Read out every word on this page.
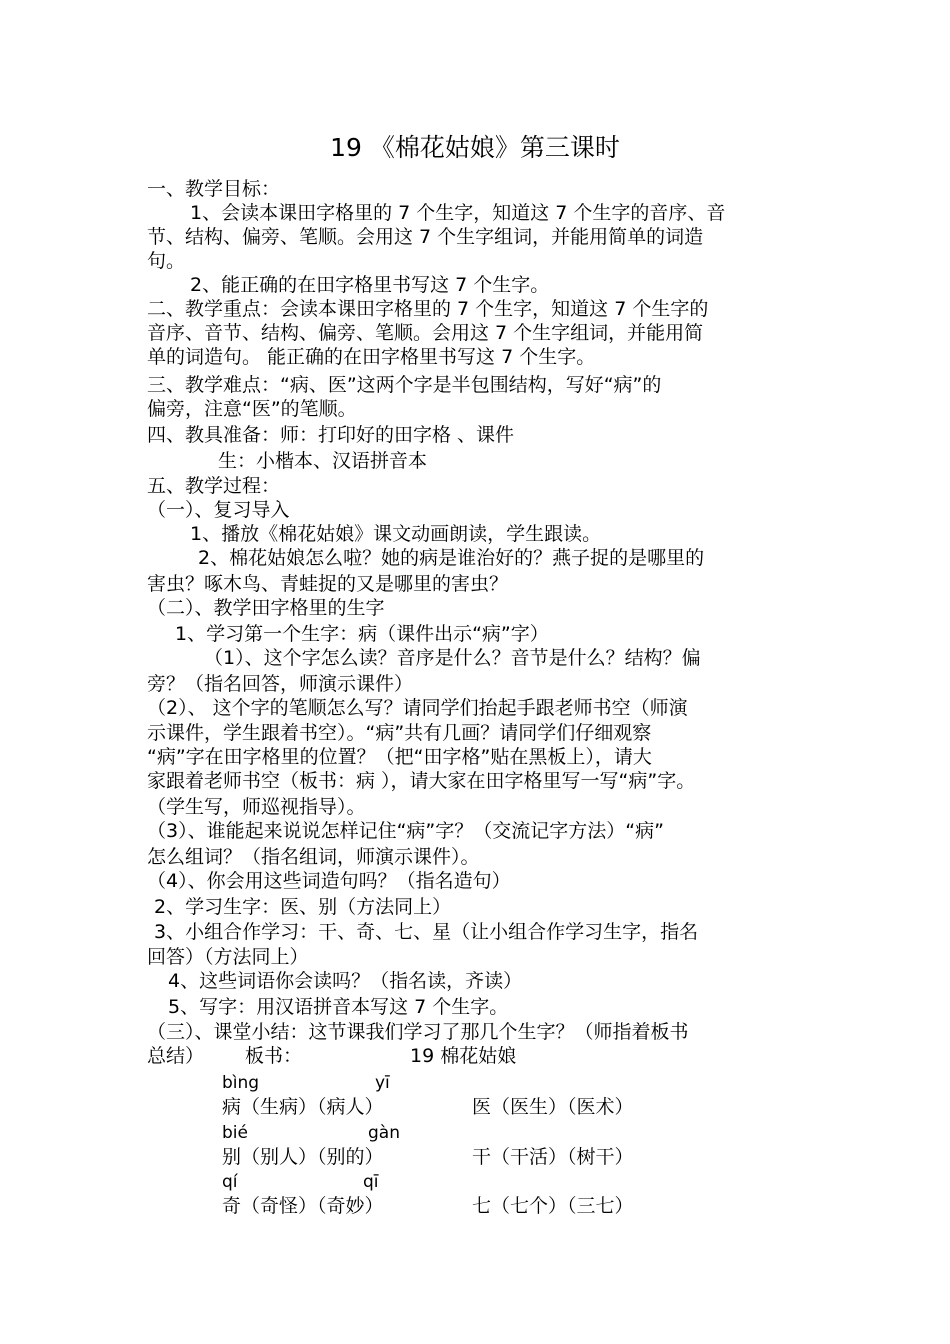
19 《棉花姑娘》第三课时
一、教学目标：
1、会读本课田字格里的 7 个生字，知道这 7 个生字的音序、音
节、结构、偏旁、笔顺。会用这 7 个生字组词，并能用简单的词造
句。
2、能正确的在田字格里书写这 7 个生字。
二、教学重点：会读本课田字格里的 7 个生字，知道这 7 个生字的
音序、音节、结构、偏旁、笔顺。会用这 7 个生字组词，并能用简
单的词造句。 能正确的在田字格里书写这 7 个生字。
三、教学难点：“病、医”这两个字是半包围结构，写好“病”的
偏旁，注意“医”的笔顺。
四、教具准备：师：打印好的田字格 、课件
生：小楷本、汉语拼音本
五、教学过程：
（一）、复习导入
1、播放《棉花姑娘》课文动画朗读，学生跟读。
2、棉花姑娘怎么啦？她的病是谁治好的？燕子捉的是哪里的
害虫？啄木鸟、青蛙捉的又是哪里的害虫？
（二）、教学田字格里的生字
1、学习第一个生字：病（课件出示“病”字）
（1）、这个字怎么读？音序是什么？音节是什么？结构？偏
旁？（指名回答，师演示课件）
（2）、 这个字的笔顺怎么写？请同学们抬起手跟老师书空（师演
示课件，学生跟着书空）。“病”共有几画？请同学们仔细观察
“病”字在田字格里的位置？（把“田字格”贴在黑板上），请大
家跟着老师书空（板书：病 ），请大家在田字格里写一写“病”字。
（学生写，师巡视指导）。
（3）、谁能起来说说怎样记住“病”字？（交流记字方法）“病”
怎么组词？（指名组词，师演示课件）。
（4）、你会用这些词造句吗？（指名造句）
2、学习生字：医、别（方法同上）
3、小组合作学习：干、奇、七、星（让小组合作学习生字，指名
回答）（方法同上）
4、这些词语你会读吗？（指名读，齐读）
5、写字：用汉语拼音本写这 7 个生字。
（三）、课堂小结：这节课我们学习了那几个生字？（师指着板书
总结） 板书：	19 棉花姑娘
bìng	yī
病（生病）（病人）	医（医生）（医术）
bié	gàn
别（别人）（别的）	干（干活）（树干）
qí	qī
奇（奇怪）（奇妙）	七（七个）（三七）
